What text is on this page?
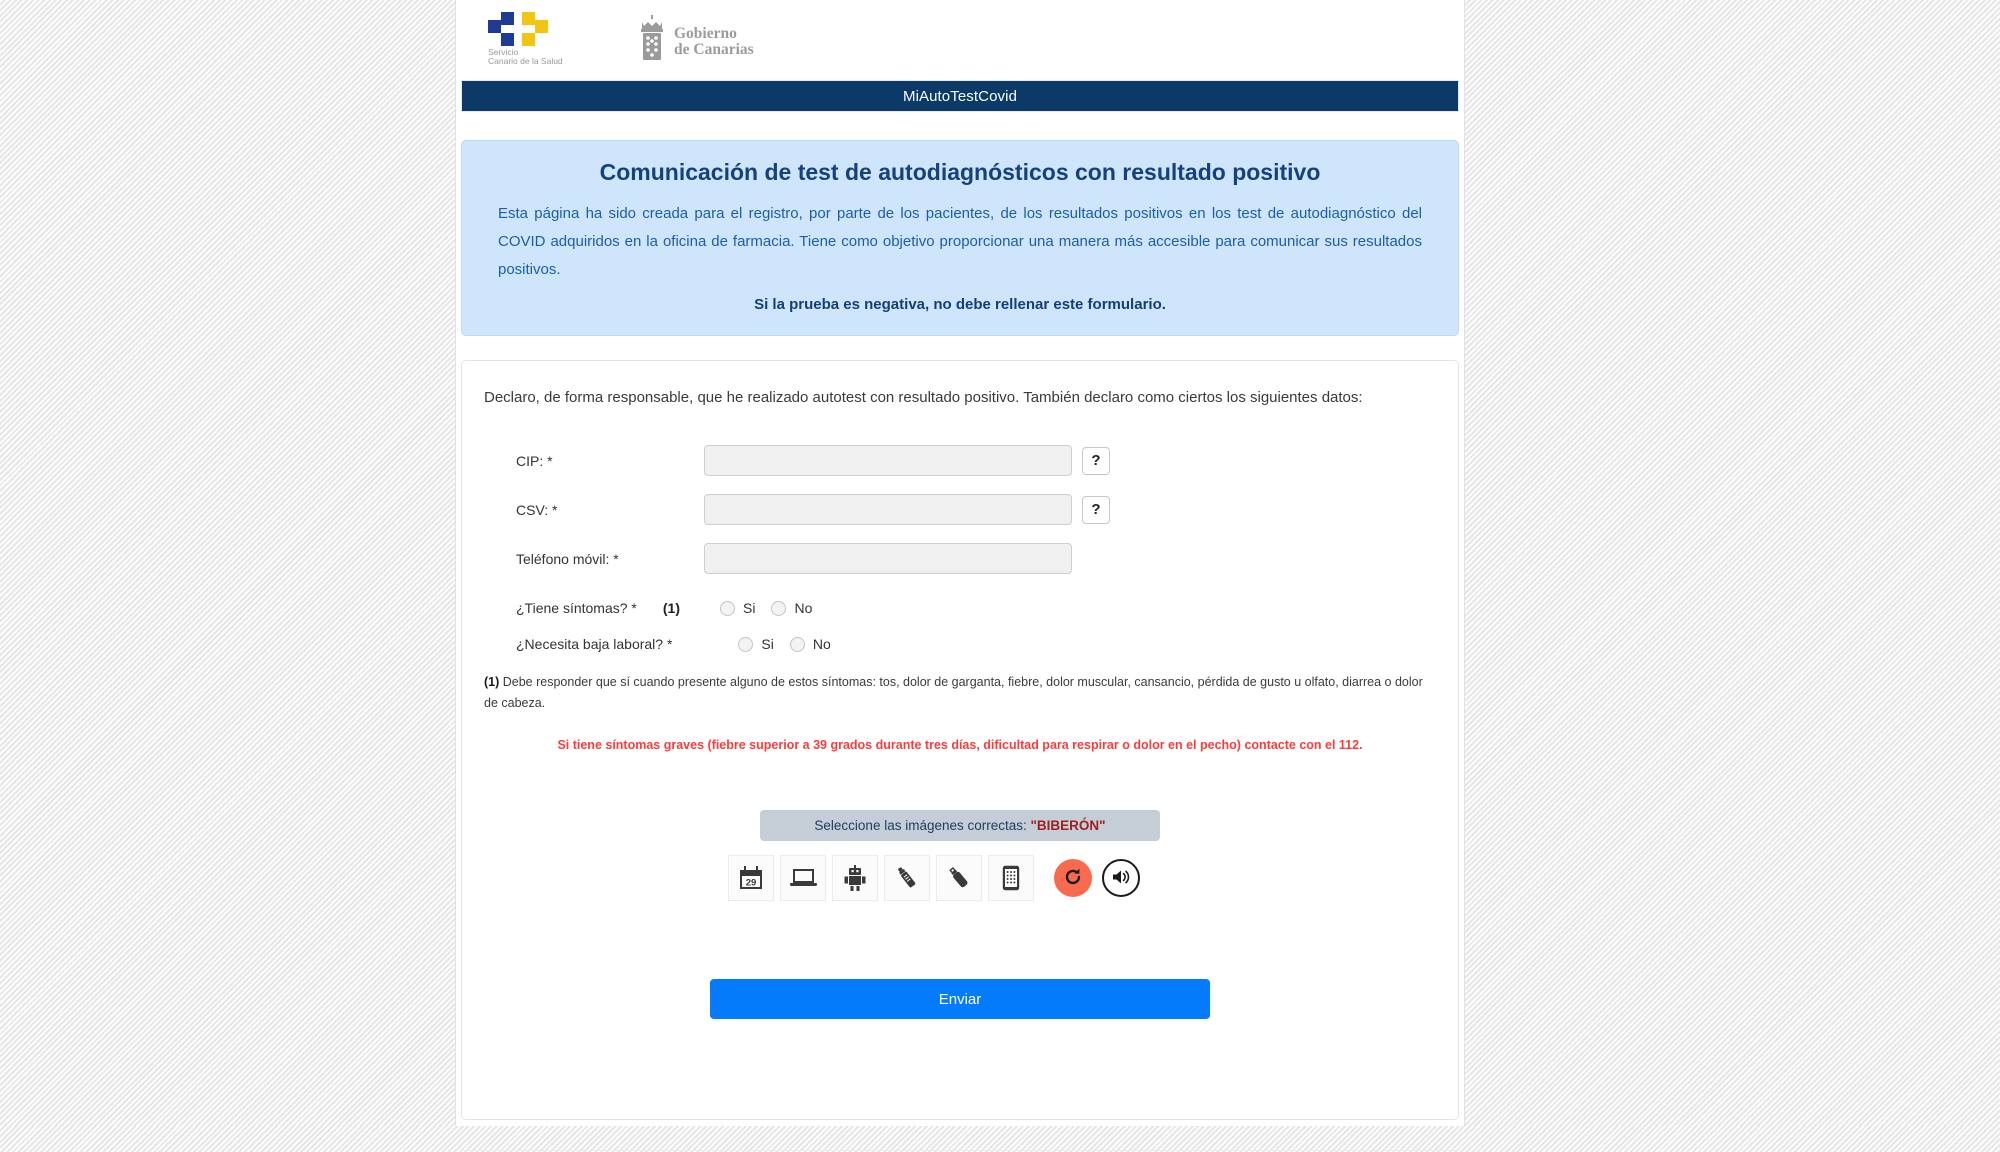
Servicio
Canario de la Salud
Gobierno
de Canarias
MiAutoTestCovid
Comunicación de test de autodiagnósticos con resultado positivo
Esta página ha sido creada para el registro, por parte de los pacientes, de los resultados positivos en los test de autodiagnóstico del COVID adquiridos en la oficina de farmacia. Tiene como objetivo proporcionar una manera más accesible para comunicar sus resultados positivos.
Si la prueba es negativa, no debe rellenar este formulario.
Declaro, de forma responsable, que he realizado autotest con resultado positivo. También declaro como ciertos los siguientes datos:
CIP: *	?
CSV: *	?
Teléfono móvil: *
¿Tiene síntomas? * (1)	Si	No
¿Necesita baja laboral? *	Si	No
(1) Debe responder que sí cuando presente alguno de estos síntomas: tos, dolor de garganta, fiebre, dolor muscular, cansancio, pérdida de gusto u olfato, diarrea o dolor de cabeza.
Si tiene síntomas graves (fiebre superior a 39 grados durante tres días, dificultad para respirar o dolor en el pecho) contacte con el 112.
Seleccione las imágenes correctas: "BIBERÓN"
29
Enviar
